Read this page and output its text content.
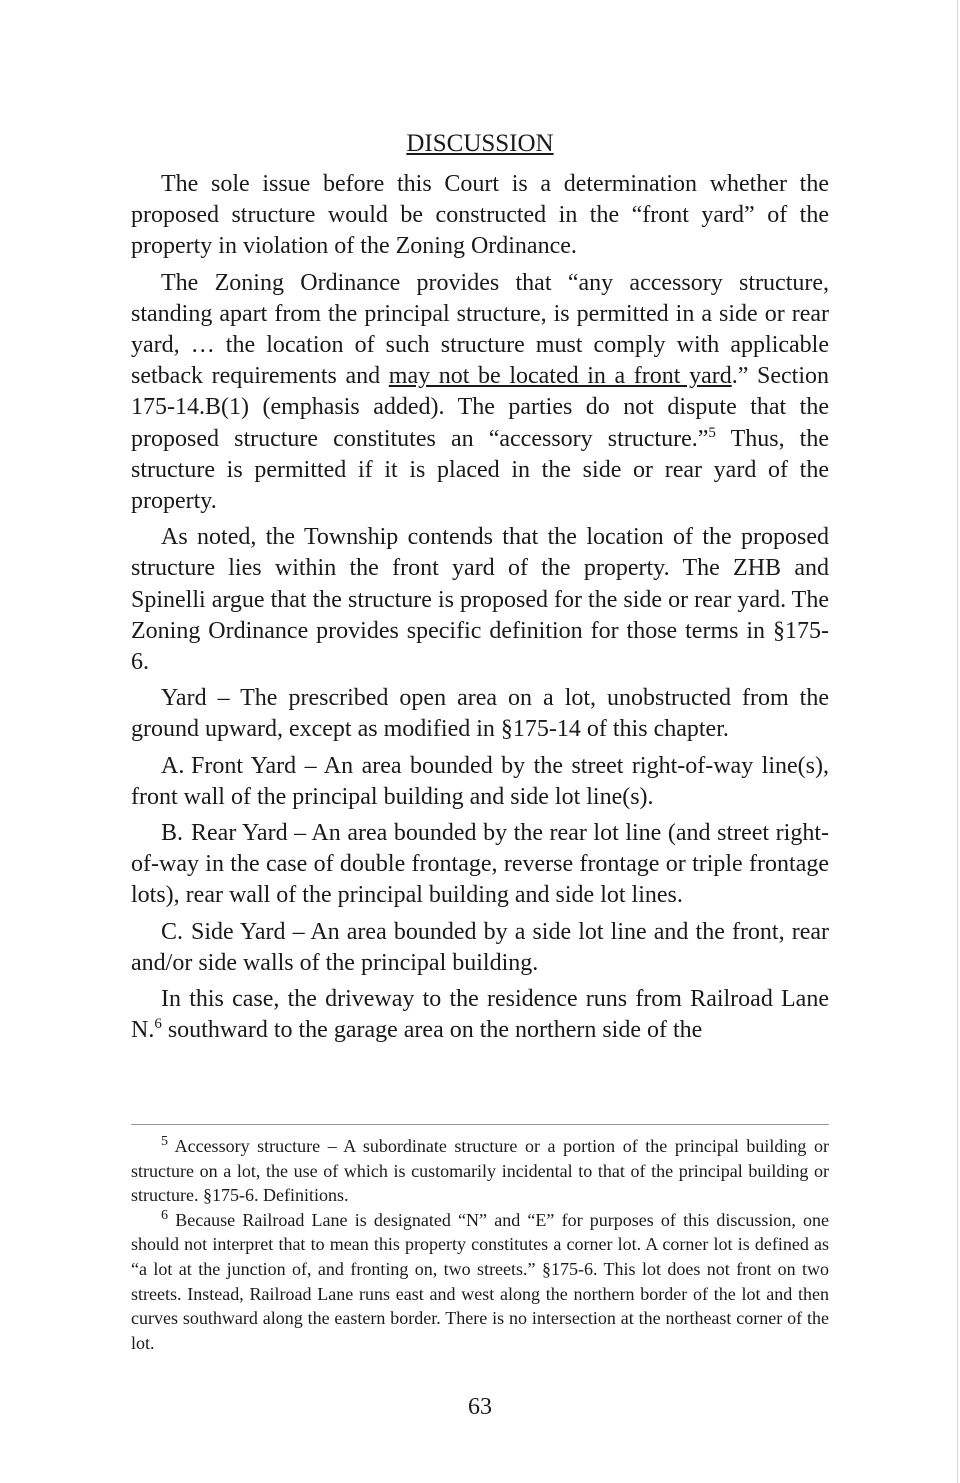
DISCUSSION

The sole issue before this Court is a determination whether the proposed structure would be constructed in the “front yard” of the property in violation of the Zoning Ordinance.

The Zoning Ordinance provides that “any accessory structure, standing apart from the principal structure, is permitted in a side or rear yard, … the location of such structure must comply with applicable setback requirements and may not be located in a front yard.” Section 175-14.B(1) (emphasis added). The parties do not dispute that the proposed structure constitutes an “accessory structure.”$^5$ Thus, the structure is permitted if it is placed in the side or rear yard of the property.

As noted, the Township contends that the location of the proposed structure lies within the front yard of the property. The ZHB and Spinelli argue that the structure is proposed for the side or rear yard. The Zoning Ordinance provides specific definition for those terms in §175-6.

Yard – The prescribed open area on a lot, unobstructed from the ground upward, except as modified in §175-14 of this chapter.

A. Front Yard – An area bounded by the street right-of-way line(s), front wall of the principal building and side lot line(s).

B. Rear Yard – An area bounded by the rear lot line (and street right-of-way in the case of double frontage, reverse frontage or triple frontage lots), rear wall of the principal building and side lot lines.

C. Side Yard – An area bounded by a side lot line and the front, rear and/or side walls of the principal building.

In this case, the driveway to the residence runs from Railroad Lane N.$^6$ southward to the garage area on the northern side of the

$^5$ Accessory structure – A subordinate structure or a portion of the principal building or structure on a lot, the use of which is customarily incidental to that of the principal building or structure. §175-6. Definitions.

$^6$ Because Railroad Lane is designated “N” and “E” for purposes of this discussion, one should not interpret that to mean this property constitutes a corner lot. A corner lot is defined as “a lot at the junction of, and fronting on, two streets.” §175-6. This lot does not front on two streets. Instead, Railroad Lane runs east and west along the northern border of the lot and then curves southward along the eastern border. There is no intersection at the northeast corner of the lot.

63
